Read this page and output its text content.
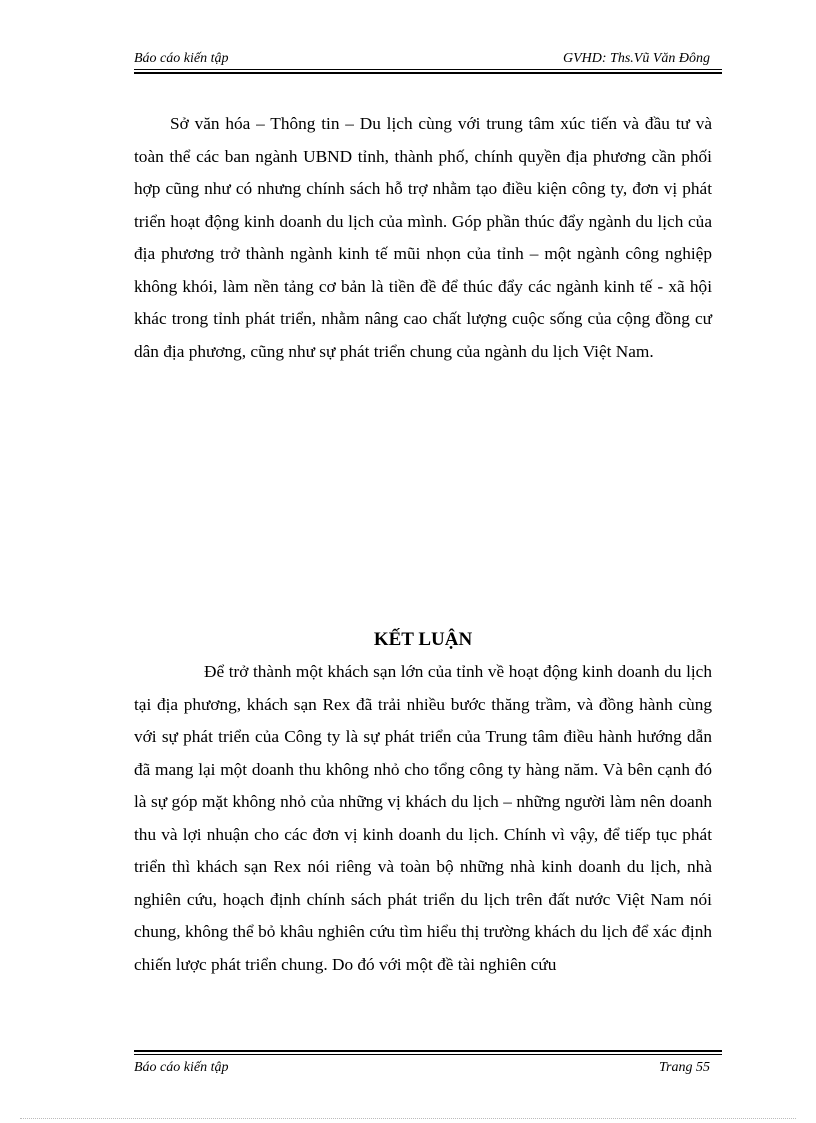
Báo cáo kiến tập	GVHD: Ths.Vũ Văn Đông

Sở văn hóa – Thông tin – Du lịch cùng với trung tâm xúc tiến và đầu tư và toàn thể các ban ngành UBND tỉnh, thành phố, chính quyền địa phương cần phối hợp cũng như có nhưng chính sách hỗ trợ nhằm tạo điều kiện công ty, đơn vị phát triển hoạt động kinh doanh du lịch của mình. Góp phần thúc đẩy ngành du lịch của địa phương trở thành ngành kinh tế mũi nhọn của tỉnh – một ngành công nghiệp không khói, làm nền tảng cơ bản là tiền đề để thúc đẩy các ngành kinh tế - xã hội khác trong tỉnh phát triển, nhằm nâng cao chất lượng cuộc sống của cộng đồng cư dân địa phương, cũng như sự phát triển chung của ngành du lịch Việt Nam.

KẾT LUẬN

Để trở thành một khách sạn lớn của tỉnh về hoạt động kinh doanh du lịch tại địa phương, khách sạn Rex đã trải nhiều bước thăng trầm, và đồng hành cùng với sự phát triển của Công ty là sự phát triển của Trung tâm điều hành hướng dẫn đã mang lại một doanh thu không nhỏ cho tổng công ty hàng năm. Và bên cạnh đó là sự góp mặt không nhỏ của những vị khách du lịch – những người làm nên doanh thu và lợi nhuận cho các đơn vị kinh doanh du lịch. Chính vì vậy, để tiếp tục phát triển thì khách sạn Rex nói riêng và toàn bộ những nhà kinh doanh du lịch, nhà nghiên cứu, hoạch định chính sách phát triển du lịch trên đất nước Việt Nam nói chung, không thể bỏ khâu nghiên cứu tìm hiểu thị trường khách du lịch để xác định chiến lược phát triển chung. Do đó với một đề tài nghiên cứu

Báo cáo kiến tập	Trang 55
